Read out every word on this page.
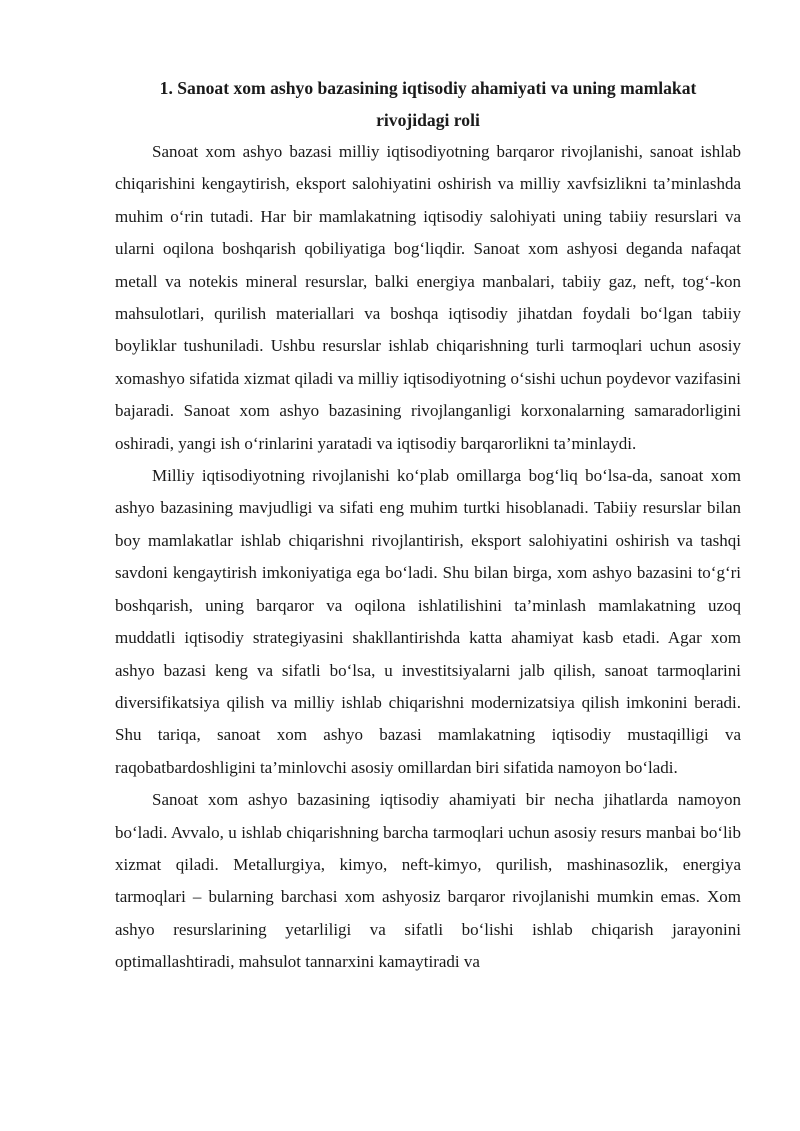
1. Sanoat xom ashyo bazasining iqtisodiy ahamiyati va uning mamlakat rivojidagi roli

Sanoat xom ashyo bazasi milliy iqtisodiyotning barqaror rivojlanishi, sanoat ishlab chiqarishini kengaytirish, eksport salohiyatini oshirish va milliy xavfsizlikni ta’minlashda muhim o‘rin tutadi. Har bir mamlakatning iqtisodiy salohiyati uning tabiiy resurslari va ularni oqilona boshqarish qobiliyatiga bog‘liqdir. Sanoat xom ashyosi deganda nafaqat metall va notekis mineral resurslar, balki energiya manbalari, tabiiy gaz, neft, tog‘-kon mahsulotlari, qurilish materiallari va boshqa iqtisodiy jihatdan foydali bo‘lgan tabiiy boyliklar tushuniladi. Ushbu resurslar ishlab chiqarishning turli tarmoqlari uchun asosiy xomashyo sifatida xizmat qiladi va milliy iqtisodiyotning o‘sishi uchun poydevor vazifasini bajaradi. Sanoat xom ashyo bazasining rivojlanganligi korxonalarning samaradorligini oshiradi, yangi ish o‘rinlarini yaratadi va iqtisodiy barqarorlikni ta’minlaydi.

Milliy iqtisodiyotning rivojlanishi ko‘plab omillarga bog‘liq bo‘lsa-da, sanoat xom ashyo bazasining mavjudligi va sifati eng muhim turtki hisoblanadi. Tabiiy resurslar bilan boy mamlakatlar ishlab chiqarishni rivojlantirish, eksport salohiyatini oshirish va tashqi savdoni kengaytirish imkoniyatiga ega bo‘ladi. Shu bilan birga, xom ashyo bazasini to‘g‘ri boshqarish, uning barqaror va oqilona ishlatilishini ta’minlash mamlakatning uzoq muddatli iqtisodiy strategiyasini shakllantirishda katta ahamiyat kasb etadi. Agar xom ashyo bazasi keng va sifatli bo‘lsa, u investitsiyalarni jalb qilish, sanoat tarmoqlarini diversifikatsiya qilish va milliy ishlab chiqarishni modernizatsiya qilish imkonini beradi. Shu tariqa, sanoat xom ashyo bazasi mamlakatning iqtisodiy mustaqilligi va raqobatbardoshligini ta’minlovchi asosiy omillardan biri sifatida namoyon bo‘ladi.

Sanoat xom ashyo bazasining iqtisodiy ahamiyati bir necha jihatlarda namoyon bo‘ladi. Avvalo, u ishlab chiqarishning barcha tarmoqlari uchun asosiy resurs manbai bo‘lib xizmat qiladi. Metallurgiya, kimyo, neft-kimyo, qurilish, mashinasozlik, energiya tarmoqlari – bularning barchasi xom ashyosiz barqaror rivojlanishi mumkin emas. Xom ashyo resurslarining yetarliligi va sifatli bo‘lishi ishlab chiqarish jarayonini optimallashtiradi, mahsulot tannarxini kamaytiradi va
